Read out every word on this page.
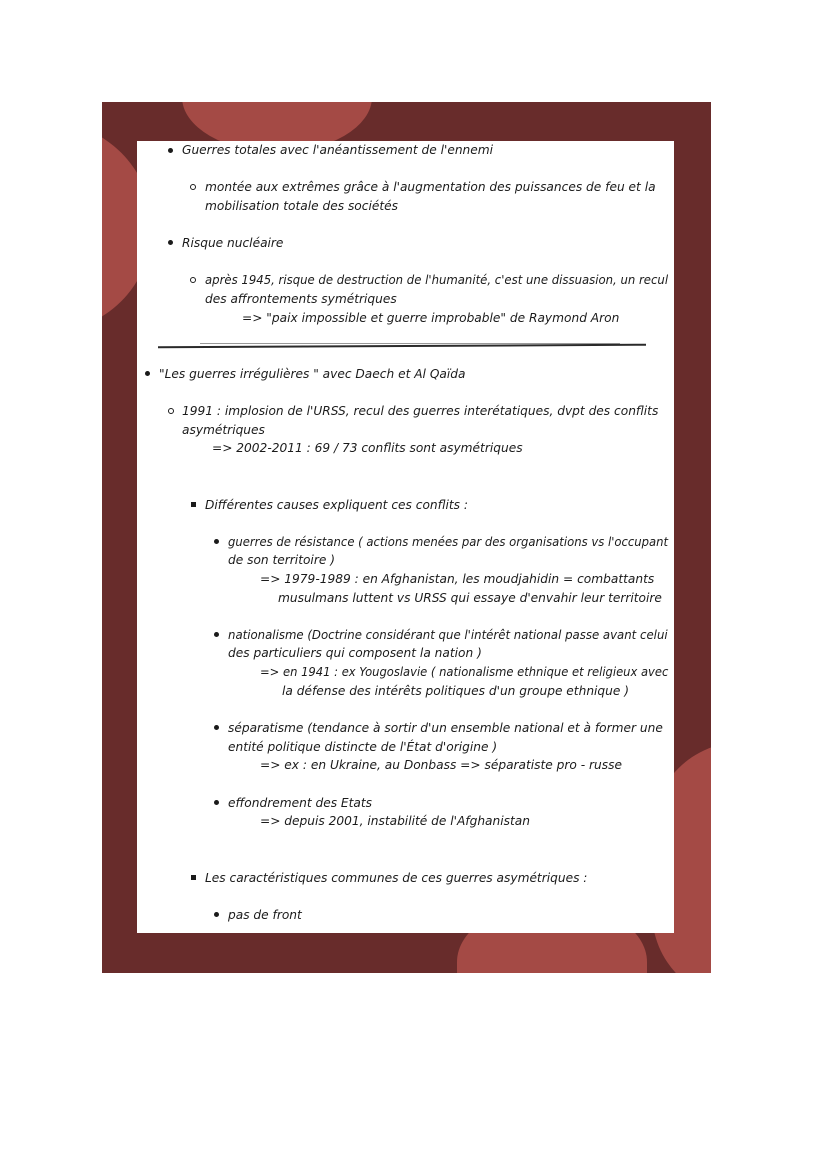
Guerres totales avec l'anéantissement de l'ennemi
montée aux extrêmes grâce à l'augmentation des puissances de feu et la
mobilisation totale des sociétés
Risque nucléaire
après 1945, risque de destruction de l'humanité, c'est une dissuasion, un recul
des affrontements symétriques
=> "paix impossible et guerre improbable" de Raymond Aron
"Les guerres irrégulières " avec Daech et Al Qaïda
1991 : implosion de l'URSS, recul des guerres interétatiques, dvpt des conflits
asymétriques
=> 2002-2011 : 69 / 73 conflits sont asymétriques
Différentes causes expliquent ces conflits :
guerres de résistance ( actions menées par des organisations vs l'occupant
de son territoire )
=> 1979-1989 : en Afghanistan, les moudjahidin = combattants
musulmans luttent vs URSS qui essaye d'envahir leur territoire
nationalisme (Doctrine considérant que l'intérêt national passe avant celui
des particuliers qui composent la nation )
=> en 1941 : ex Yougoslavie ( nationalisme ethnique et religieux avec
la défense des intérêts politiques d'un groupe ethnique )
séparatisme (tendance à sortir d'un ensemble national et à former une
entité politique distincte de l'État d'origine )
=> ex : en Ukraine, au Donbass => séparatiste pro - russe
effondrement des Etats
=> depuis 2001, instabilité de l'Afghanistan
Les caractéristiques communes de ces guerres asymétriques :
pas de front
